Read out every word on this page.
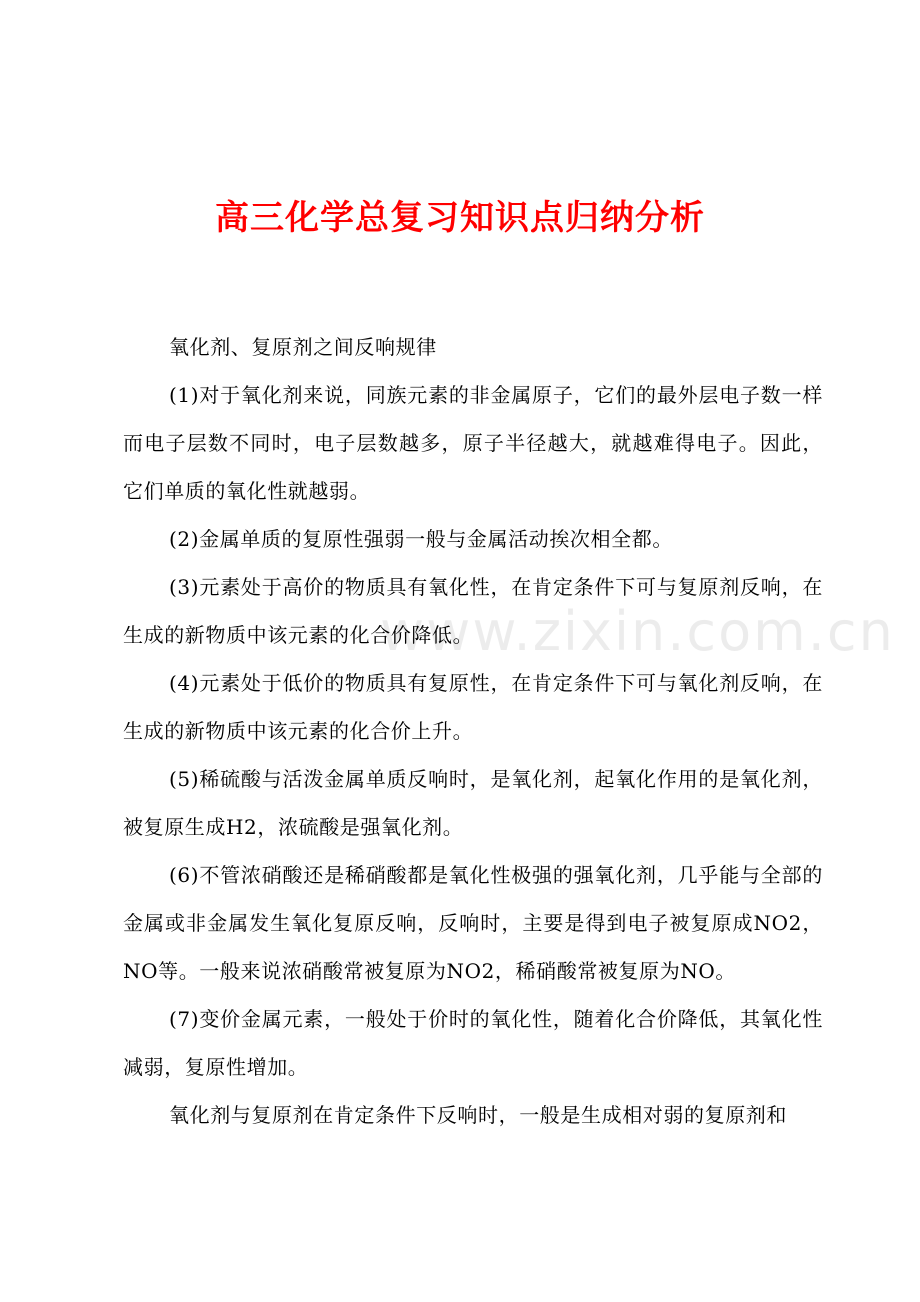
高三化学总复习知识点归纳分析
www.zixin.com.cn

氧化剂、复原剂之间反响规律

(1)对于氧化剂来说，同族元素的非金属原子，它们的最外层电子数一样而电子层数不同时，电子层数越多，原子半径越大，就越难得电子。因此，它们单质的氧化性就越弱。

(2)金属单质的复原性强弱一般与金属活动挨次相全都。

(3)元素处于高价的物质具有氧化性，在肯定条件下可与复原剂反响，在生成的新物质中该元素的化合价降低。

(4)元素处于低价的物质具有复原性，在肯定条件下可与氧化剂反响，在生成的新物质中该元素的化合价上升。

(5)稀硫酸与活泼金属单质反响时，是氧化剂，起氧化作用的是氧化剂，被复原生成H2，浓硫酸是强氧化剂。

(6)不管浓硝酸还是稀硝酸都是氧化性极强的强氧化剂，几乎能与全部的金属或非金属发生氧化复原反响，反响时，主要是得到电子被复原成NO2，NO等。一般来说浓硝酸常被复原为NO2，稀硝酸常被复原为NO。

(7)变价金属元素，一般处于价时的氧化性，随着化合价降低，其氧化性减弱，复原性增加。

氧化剂与复原剂在肯定条件下反响时，一般是生成相对弱的复原剂和
